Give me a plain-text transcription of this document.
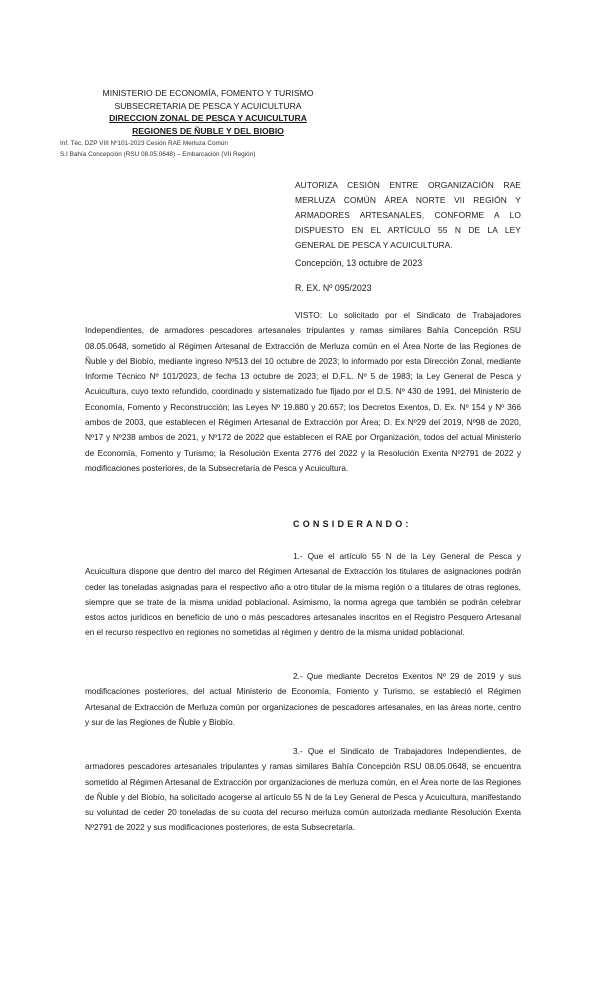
MINISTERIO DE ECONOMÍA, FOMENTO Y TURISMO
SUBSECRETARIA DE PESCA Y ACUICULTURA
DIRECCION ZONAL DE PESCA Y ACUICULTURA
REGIONES DE ÑUBLE Y DEL BIOBIO
Inf. Téc. DZP VIII Nº101-2023 Cesión RAE Merluza Común
S.I Bahía Concepción (RSU 08.05.0648) – Embarcación (VII Región)
AUTORIZA CESIÓN ENTRE ORGANIZACIÓN RAE MERLUZA COMÚN ÁREA NORTE VII REGIÓN Y ARMADORES ARTESANALES, CONFORME A LO DISPUESTO EN EL ARTÍCULO 55 N DE LA LEY GENERAL DE PESCA Y ACUICULTURA.
Concepción, 13 octubre de 2023
R. EX. Nº 095/2023

VISTO: Lo solicitado por el Sindicato de Trabajadores Independientes, de armadores pescadores artesanales tripulantes y ramas similares Bahía Concepción RSU 08.05.0648, sometido al Régimen Artesanal de Extracción de Merluza común en el Área Norte de las Regiones de Ñuble y del Biobío, mediante ingreso Nº513 del 10 octubre de 2023; lo informado por esta Dirección Zonal, mediante Informe Técnico Nº 101/2023, de fecha 13 octubre de 2023; el D.F.L. Nº 5 de 1983; la Ley General de Pesca y Acuicultura, cuyo texto refundido, coordinado y sistematizado fue fijado por el D.S. Nº 430 de 1991, del Ministerio de Economía, Fomento y Reconstrucción; las Leyes Nº 19.880 y 20.657; los Decretos Exentos, D. Ex. Nº 154 y Nº 366 ambos de 2003, que establecen el Régimen Artesanal de Extracción por Área; D. Ex Nº29 del 2019, Nº98 de 2020, Nº17 y Nº238 ambos de 2021, y Nº172 de 2022 que establecen el RAE por Organización, todos del actual Ministerio de Economía, Fomento y Turismo; la Resolución Exenta 2776 del 2022 y la Resolución Exenta Nº2791 de 2022 y modificaciones posteriores, de la Subsecretaría de Pesca y Acuicultura.

CONSIDERANDO:

1.- Que el artículo 55 N de la Ley General de Pesca y Acuicultura dispone que dentro del marco del Régimen Artesanal de Extracción los titulares de asignaciones podrán ceder las toneladas asignadas para el respectivo año a otro titular de la misma región o a titulares de otras regiones, siempre que se trate de la misma unidad poblacional. Asimismo, la norma agrega que también se podrán celebrar estos actos jurídicos en beneficio de uno o más pescadores artesanales inscritos en el Registro Pesquero Artesanal en el recurso respectivo en regiones no sometidas al régimen y dentro de la misma unidad poblacional.

2.- Que mediante Decretos Exentos Nº 29 de 2019 y sus modificaciones posteriores, del actual Ministerio de Economía, Fomento y Turismo, se estableció el Régimen Artesanal de Extracción de Merluza común por organizaciones de pescadores artesanales, en las áreas norte, centro y sur de las Regiones de Ñuble y Biobío.

3.- Que el Sindicato de Trabajadores Independientes, de armadores pescadores artesanales tripulantes y ramas similares Bahía Concepción RSU 08.05.0648, se encuentra sometido al Régimen Artesanal de Extracción por organizaciones de merluza común, en el Área norte de las Regiones de Ñuble y del Biobío, ha solicitado acogerse al artículo 55 N de la Ley General de Pesca y Acuicultura, manifestando su voluntad de ceder 20 toneladas de su cuota del recurso merluza común autorizada mediante Resolución Exenta Nº2791 de 2022 y sus modificaciones posteriores, de esta Subsecretaría.
